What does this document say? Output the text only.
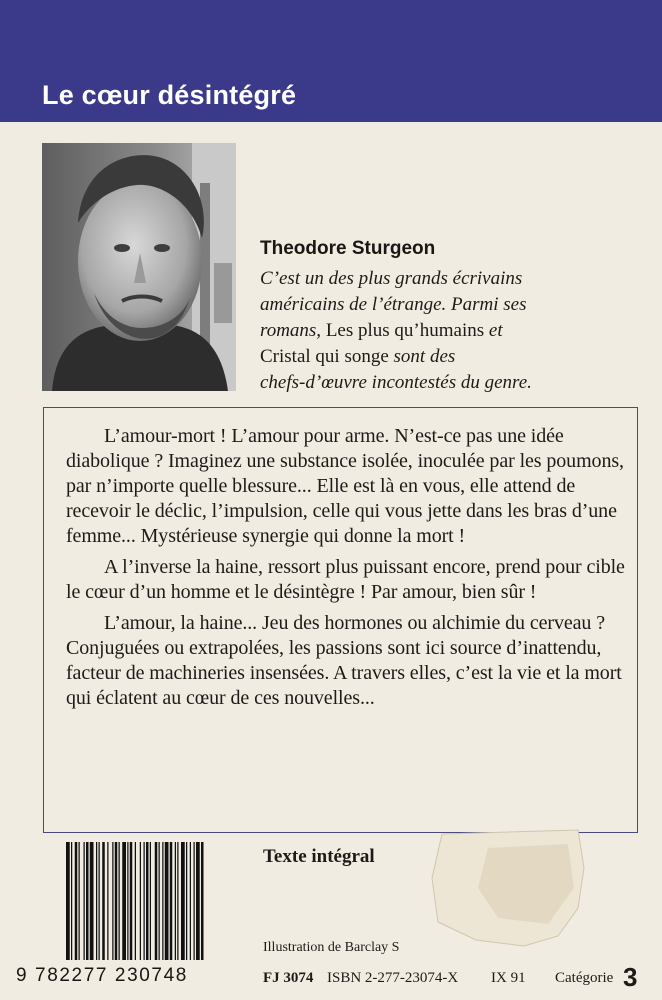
Le cœur désintégré
Theodore Sturgeon
C’est un des plus grands écrivains
américains de l’étrange. Parmi ses
romans, Les plus qu’humains et
Cristal qui songe sont des
chefs-d’œuvre incontestés du genre.

L’amour-mort ! L’amour pour arme. N’est-ce pas une idée diabolique ? Imaginez une substance isolée, inoculée par les poumons, par n’importe quelle blessure... Elle est là en vous, elle attend de recevoir le déclic, l’impulsion, celle qui vous jette dans les bras d’une femme... Mystérieuse synergie qui donne la mort !

A l’inverse la haine, ressort plus puissant encore, prend pour cible le cœur d’un homme et le désintègre ! Par amour, bien sûr !

L’amour, la haine... Jeu des hormones ou alchimie du cerveau ? Conjuguées ou extrapolées, les passions sont ici source d’inattendu, facteur de machineries insensées. A travers elles, c’est la vie et la mort qui éclatent au cœur de ces nouvelles...

9 782277 230748
Texte intégral
Illustration de Barclay S
FJ 3074 ISBN 2-277-23074-X IX 91 Catégorie 3
